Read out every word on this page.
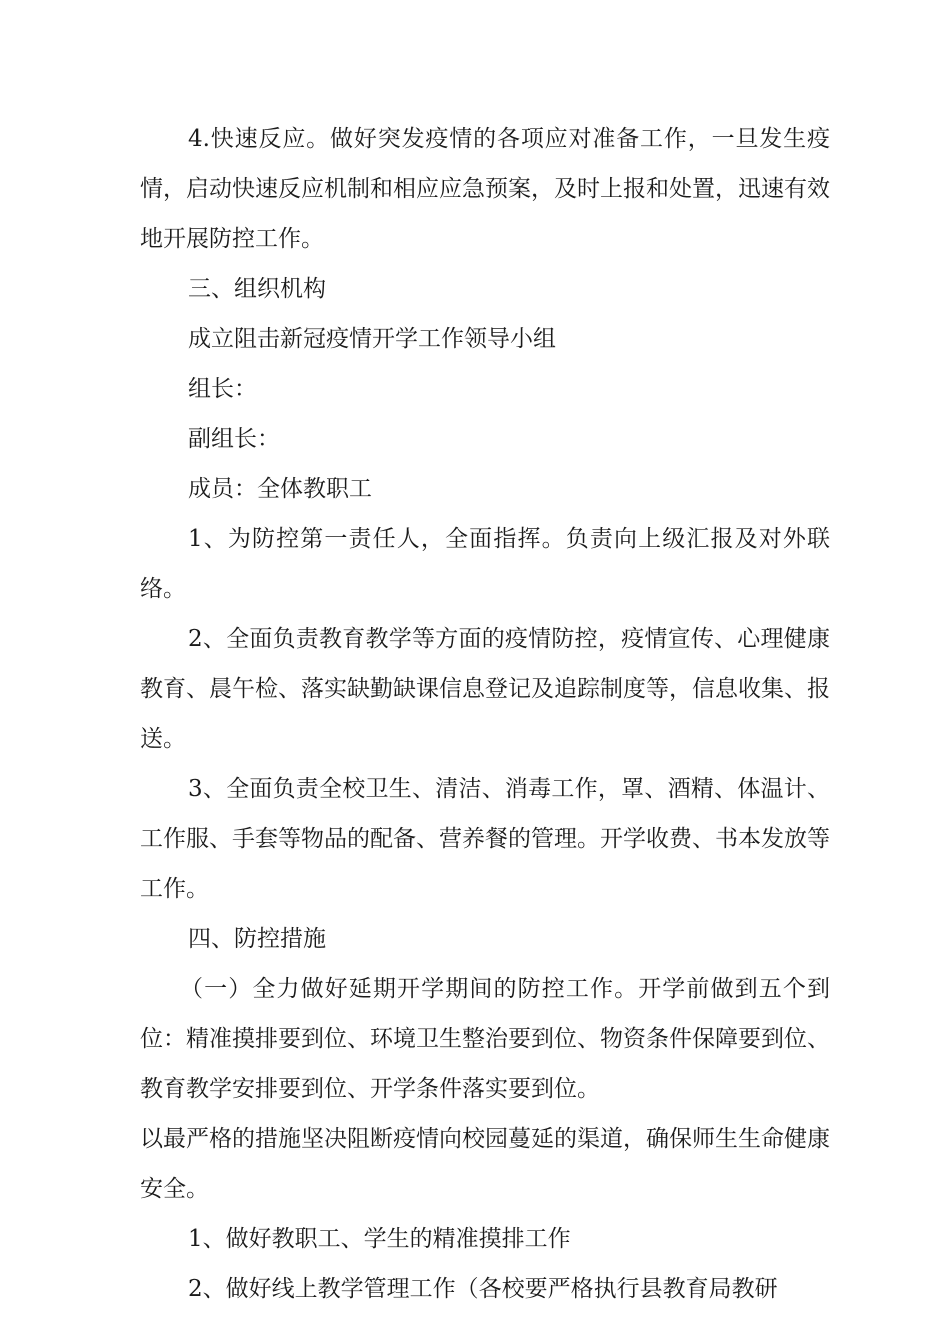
4.快速反应。做好突发疫情的各项应对准备工作，一旦发生疫情，启动快速反应机制和相应应急预案，及时上报和处置，迅速有效地开展防控工作。

三、组织机构

成立阻击新冠疫情开学工作领导小组

组长：

副组长：

成员：全体教职工

1、为防控第一责任人，全面指挥。负责向上级汇报及对外联络。

2、全面负责教育教学等方面的疫情防控，疫情宣传、心理健康教育、晨午检、落实缺勤缺课信息登记及追踪制度等，信息收集、报送。

3、全面负责全校卫生、清洁、消毒工作，罩、酒精、体温计、工作服、手套等物品的配备、营养餐的管理。开学收费、书本发放等工作。

四、防控措施

（一）全力做好延期开学期间的防控工作。开学前做到五个到位：精准摸排要到位、环境卫生整治要到位、物资条件保障要到位、教育教学安排要到位、开学条件落实要到位。

以最严格的措施坚决阻断疫情向校园蔓延的渠道，确保师生生命健康安全。

1、做好教职工、学生的精准摸排工作

2、做好线上教学管理工作（各校要严格执行县教育局教研
